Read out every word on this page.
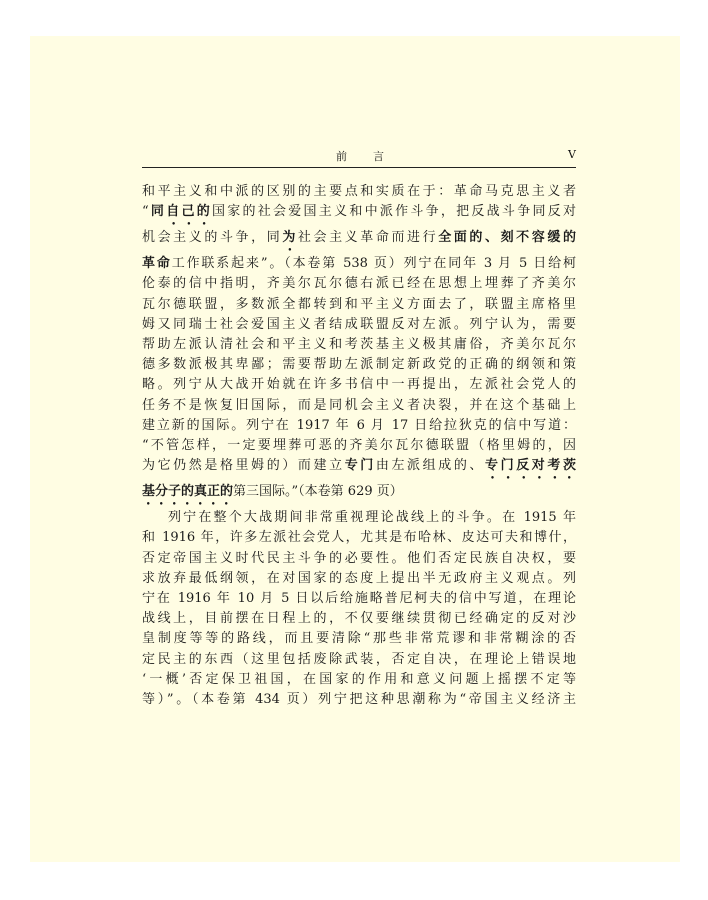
前 言	V
和平主义和中派的区别的主要点和实质在于：革命马克思主义者
“同自己的国家的社会爱国主义和中派作斗争，把反战斗争同反对
机会主义的斗争，同为社会主义革命而进行全面的、刻不容缓的
革命工作联系起来”。（本卷第 538 页）列宁在同年 3 月 5 日给柯
伦泰的信中指明，齐美尔瓦尔德右派已经在思想上埋葬了齐美尔
瓦尔德联盟，多数派全都转到和平主义方面去了，联盟主席格里
姆又同瑞士社会爱国主义者结成联盟反对左派。列宁认为，需要
帮助左派认清社会和平主义和考茨基主义极其庸俗，齐美尔瓦尔
德多数派极其卑鄙；需要帮助左派制定新政党的正确的纲领和策
略。列宁从大战开始就在许多书信中一再提出，左派社会党人的
任务不是恢复旧国际，而是同机会主义者决裂，并在这个基础上
建立新的国际。列宁在 1917 年 6 月 17 日给拉狄克的信中写道：
“不管怎样，一定要埋葬可恶的齐美尔瓦尔德联盟（格里姆的，因
为它仍然是格里姆的）而建立专门由左派组成的、专门反对考茨
基分子的真正的第三国际。”（本卷第 629 页）
列宁在整个大战期间非常重视理论战线上的斗争。在 1915 年
和 1916 年，许多左派社会党人，尤其是布哈林、皮达可夫和博什，
否定帝国主义时代民主斗争的必要性。他们否定民族自决权，要
求放弃最低纲领，在对国家的态度上提出半无政府主义观点。列
宁在 1916 年 10 月 5 日以后给施略普尼柯夫的信中写道，在理论
战线上，目前摆在日程上的，不仅要继续贯彻已经确定的反对沙
皇制度等等的路线，而且要清除“那些非常荒谬和非常糊涂的否
定民主的东西（这里包括废除武装，否定自决，在理论上错误地
‘一概’否定保卫祖国，在国家的作用和意义问题上摇摆不定等
等）”。（本卷第 434 页）列宁把这种思潮称为“帝国主义经济主
